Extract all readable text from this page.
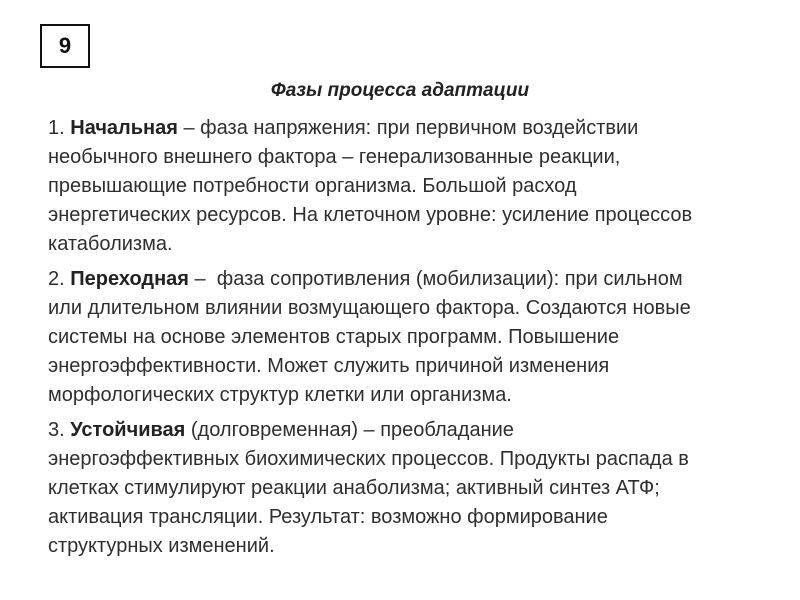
9
Фазы процесса адаптации
1. Начальная – фаза напряжения: при первичном воздействии
необычного внешнего фактора – генерализованные реакции,
превышающие потребности организма. Большой расход
энергетических ресурсов. На клеточном уровне: усиление процессов
катаболизма.
2. Переходная –  фаза сопротивления (мобилизации): при сильном
или длительном влиянии возмущающего фактора. Создаются новые
системы на основе элементов старых программ. Повышение
энергоэффективности. Может служить причиной изменения
морфологических структур клетки или организма.
3. Устойчивая (долговременная) – преобладание
энергоэффективных биохимических процессов. Продукты распада в
клетках стимулируют реакции анаболизма; активный синтез АТФ;
активация трансляции. Результат: возможно формирование
структурных изменений.
